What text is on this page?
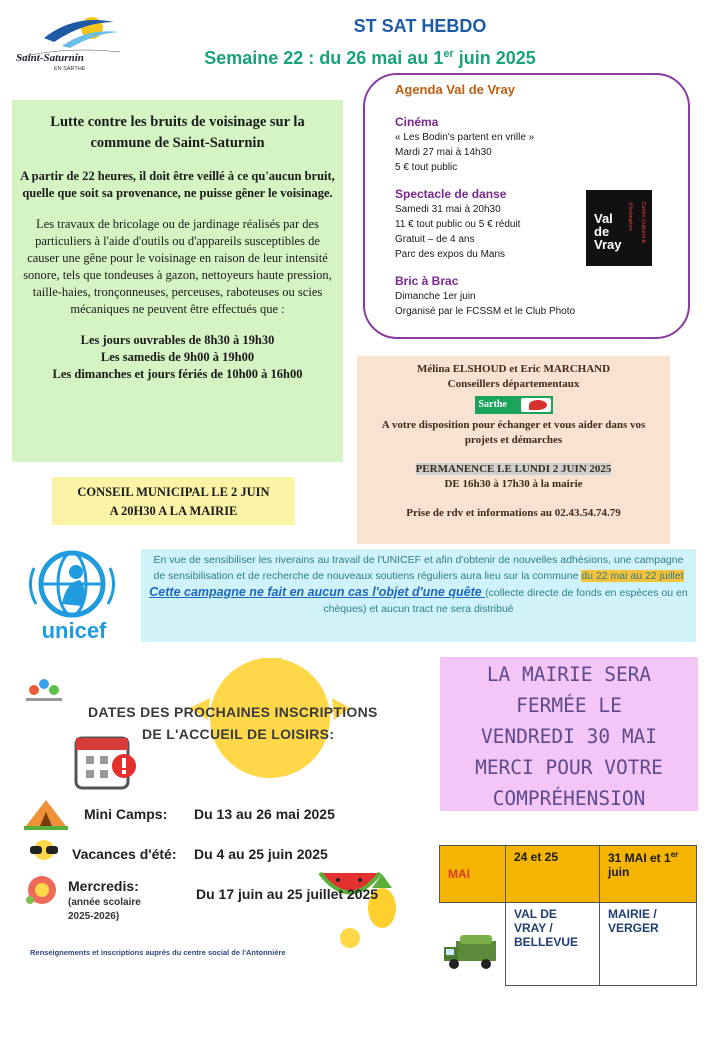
Saint-Saturnin
EN SARTHE
ST SAT HEBDO
Semaine 22 : du 26 mai au 1er juin 2025
Lutte contre les bruits de voisinage sur la commune de Saint-Saturnin
A partir de 22 heures, il doit être veillé à ce qu'aucun bruit, quelle que soit sa provenance, ne puisse gêner le voisinage.
Les travaux de bricolage ou de jardinage réalisés par des particuliers à l'aide d'outils ou d'appareils susceptibles de causer une gêne pour le voisinage en raison de leur intensité sonore, tels que tondeuses à gazon, nettoyeurs haute pression, taille-haies, tronçonneuses, perceuses, raboteuses ou scies mécaniques ne peuvent être effectués que :
Les jours ouvrables de 8h30 à 19h30
Les samedis de 9h00 à 19h00
Les dimanches et jours fériés de 10h00 à 16h00
CONSEIL MUNICIPAL LE 2 JUIN
A 20H30 A LA MAIRIE
Agenda Val de Vray
Cinéma
« Les Bodin's partent en vrille »
Mardi 27 mai à 14h30
5 € tout public
Spectacle de danse
Samedi 31 mai à 20h30
11 € tout public ou 5 € réduit
Gratuit – de 4 ans
Parc des expos du Mans
Bric à Brac
Dimanche 1er juin
Organisé par le FCSSM et le Club Photo
Val
de
Vray
Centre Culturel & d'Animation
Mélina ELSHOUD et Eric MARCHAND
Conseillers départementaux
Sarthe
A votre disposition pour échanger et vous aider dans vos projets et démarches
PERMANENCE LE LUNDI 2 JUIN 2025
DE 16h30 à 17h30 à la mairie
Prise de rdv et informations au 02.43.54.74.79
unicef
En vue de sensibiliser les riverains au travail de l'UNICEF et afin d'obtenir de nouvelles adhésions, une campagne de sensibilisation et de recherche de nouveaux soutiens réguliers aura lieu sur la commune du 22 mai au 22 juillet
Cette campagne ne fait en aucun cas l'objet d'une quête (collecte directe de fonds en espèces ou en chèques) et aucun tract ne sera distribué
LA MAIRIE SERA
FERMÉE LE
VENDREDI 30 MAI
MERCI POUR VOTRE
COMPRÉHENSION
MAI	24 et 25	31 MAI et 1er juin
	VAL DE VRAY / BELLEVUE	MAIRIE / VERGER
DATES DES PROCHAINES INSCRIPTIONS
DE L'ACCUEIL DE LOISIRS:
Mini Camps: Du 13 au 26 mai 2025
Vacances d'été: Du 4 au 25 juin 2025
Mercredis:	Du 17 juin au 25 juillet 2025
(année scolaire
2025-2026)
Renseignements et inscriptions auprès du centre social de l'Antonnière
